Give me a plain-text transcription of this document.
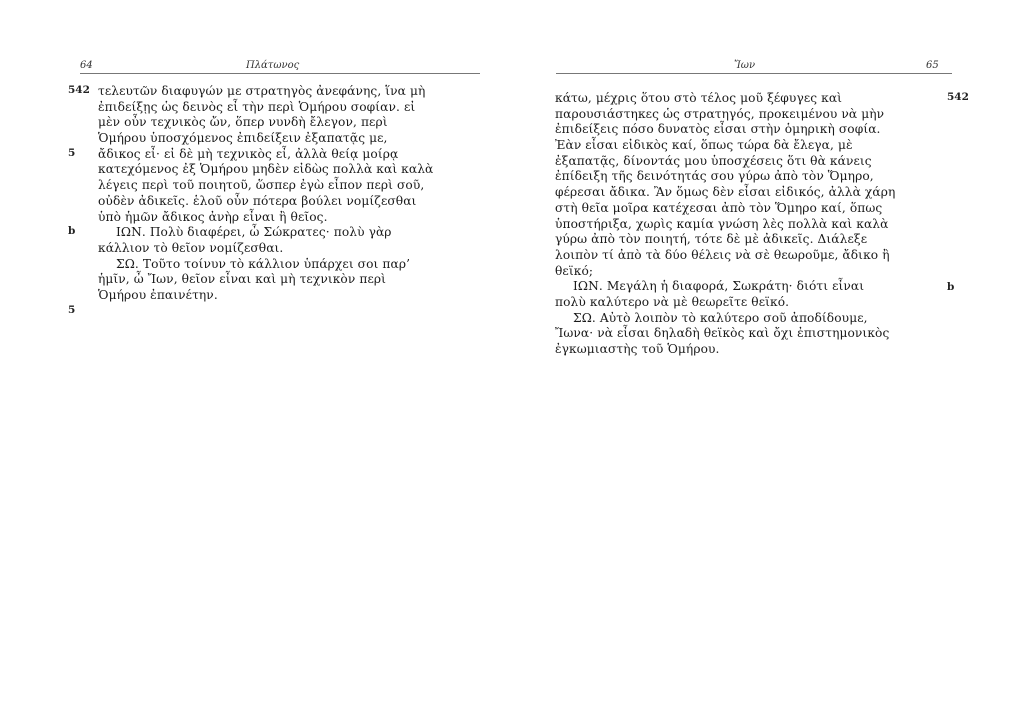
64	Πλάτωνος
542
5
b
5
τελευτῶν διαφυγών με στρατηγὸς ἀνεφάνης, ἵνα μὴ
ἐπιδείξῃς ὡς δεινὸς εἶ τὴν περὶ Ὁμήρου σοφίαν. εἰ
μὲν οὖν τεχνικὸς ὤν, ὅπερ νυνδὴ ἔλεγον, περὶ
Ὁμήρου ὑποσχόμενος ἐπιδείξειν ἐξαπατᾷς με,
ἄδικος εἶ· εἰ δὲ μὴ τεχνικὸς εἶ, ἀλλὰ θείᾳ μοίρᾳ
κατεχόμενος ἐξ Ὁμήρου μηδὲν εἰδὼς πολλὰ καὶ καλὰ
λέγεις περὶ τοῦ ποιητοῦ, ὥσπερ ἐγὼ εἶπον περὶ σοῦ,
οὐδὲν ἀδικεῖς. ἑλοῦ οὖν πότερα βούλει νομίζεσθαι
ὑπὸ ἡμῶν ἄδικος ἀνὴρ εἶναι ἢ θεῖος.
ΙΩΝ. Πολὺ διαφέρει, ὦ Σώκρατες· πολὺ γὰρ
κάλλιον τὸ θεῖον νομίζεσθαι.
ΣΩ. Τοῦτο τοίνυν τὸ κάλλιον ὑπάρχει σοι παρ’
ἡμῖν, ὦ Ἴων, θεῖον εἶναι καὶ μὴ τεχνικὸν περὶ
Ὁμήρου ἐπαινέτην.
Ἴων	65
542
b
κάτω, μέχρις ὅτου στὸ τέλος μοῦ ξέφυγες καὶ
παρουσιάστηκες ὡς στρατηγός, προκειμένου νὰ μὴν
ἐπιδείξεις πόσο δυνατὸς εἶσαι στὴν ὁμηρικὴ σοφία.
Ἐὰν εἶσαι εἰδικὸς καί, ὅπως τώρα δὰ ἔλεγα, μὲ
ἐξαπατᾷς, δίνοντάς μου ὑποσχέσεις ὅτι θὰ κάνεις
ἐπίδειξη τῆς δεινότητάς σου γύρω ἀπὸ τὸν Ὅμηρο,
φέρεσαι ἄδικα. Ἂν ὅμως δὲν εἶσαι εἰδικός, ἀλλὰ χάρη
στὴ θεῖα μοῖρα κατέχεσαι ἀπὸ τὸν Ὅμηρο καί, ὅπως
ὑποστήριξα, χωρὶς καμία γνώση λὲς πολλὰ καὶ καλὰ
γύρω ἀπὸ τὸν ποιητή, τότε δὲ μὲ ἀδικεῖς. Διάλεξε
λοιπὸν τί ἀπὸ τὰ δύο θέλεις νὰ σὲ θεωροῦμε, ἄδικο ἢ
θεϊκό;
ΙΩΝ. Μεγάλη ἡ διαφορά, Σωκράτη· διότι εἶναι
πολὺ καλύτερο νὰ μὲ θεωρεῖτε θεϊκό.
ΣΩ. Αὐτὸ λοιπὸν τὸ καλύτερο σοῦ ἀποδίδουμε,
Ἴωνα· νὰ εἶσαι δηλαδὴ θεϊκὸς καὶ ὄχι ἐπιστημονικὸς
ἐγκωμιαστὴς τοῦ Ὁμήρου.
